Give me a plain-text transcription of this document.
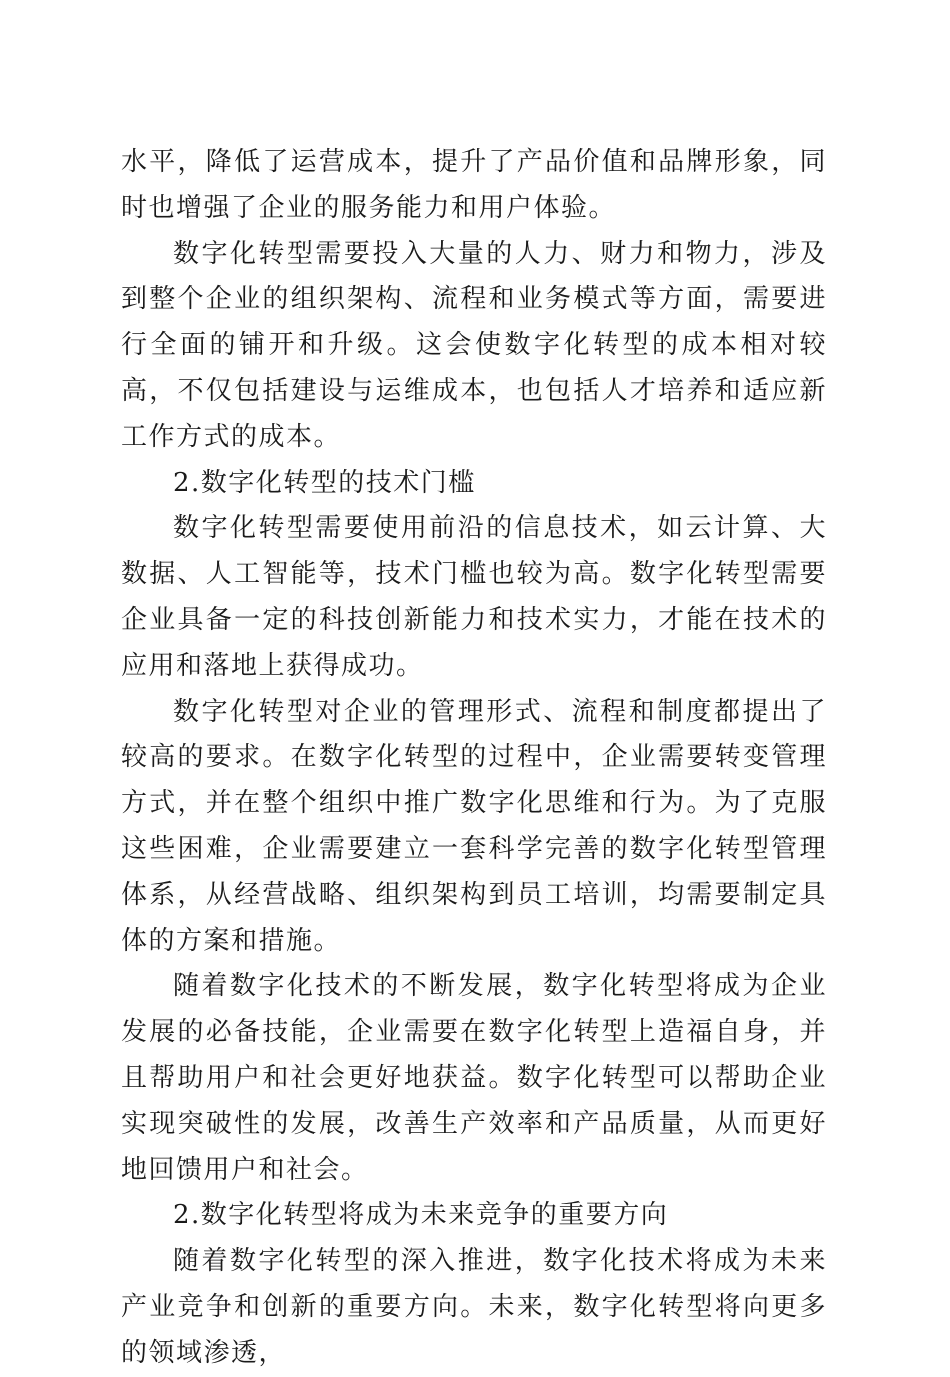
水平，降低了运营成本，提升了产品价值和品牌形象，同时也增强了企业的服务能力和用户体验。

数字化转型需要投入大量的人力、财力和物力，涉及到整个企业的组织架构、流程和业务模式等方面，需要进行全面的铺开和升级。这会使数字化转型的成本相对较高，不仅包括建设与运维成本，也包括人才培养和适应新工作方式的成本。

2.数字化转型的技术门槛

数字化转型需要使用前沿的信息技术，如云计算、大数据、人工智能等，技术门槛也较为高。数字化转型需要企业具备一定的科技创新能力和技术实力，才能在技术的应用和落地上获得成功。

数字化转型对企业的管理形式、流程和制度都提出了较高的要求。在数字化转型的过程中，企业需要转变管理方式，并在整个组织中推广数字化思维和行为。为了克服这些困难，企业需要建立一套科学完善的数字化转型管理体系，从经营战略、组织架构到员工培训，均需要制定具体的方案和措施。

随着数字化技术的不断发展，数字化转型将成为企业发展的必备技能，企业需要在数字化转型上造福自身，并且帮助用户和社会更好地获益。数字化转型可以帮助企业实现突破性的发展，改善生产效率和产品质量，从而更好地回馈用户和社会。

2.数字化转型将成为未来竞争的重要方向

随着数字化转型的深入推进，数字化技术将成为未来产业竞争和创新的重要方向。未来，数字化转型将向更多的领域渗透，
